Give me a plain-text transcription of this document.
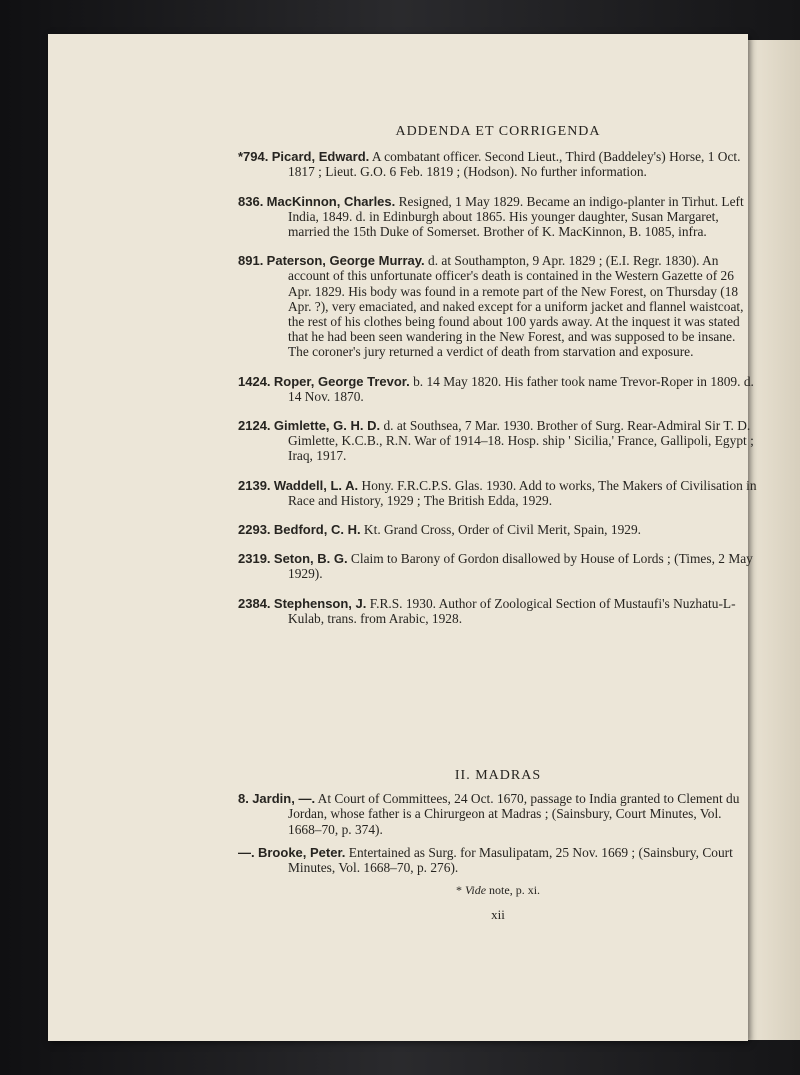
ADDENDA ET CORRIGENDA

*794. Picard, Edward. A combatant officer. Second Lieut., Third (Baddeley's) Horse, 1 Oct. 1817 ; Lieut. G.O. 6 Feb. 1819 ; (Hodson). No further information.

836. MacKinnon, Charles. Resigned, 1 May 1829. Became an indigo-planter in Tirhut. Left India, 1849. d. in Edinburgh about 1865. His younger daughter, Susan Margaret, married the 15th Duke of Somerset. Brother of K. MacKinnon, B. 1085, infra.

891. Paterson, George Murray. d. at Southampton, 9 Apr. 1829 ; (E.I. Regr. 1830). An account of this unfortunate officer's death is contained in the Western Gazette of 26 Apr. 1829. His body was found in a remote part of the New Forest, on Thursday (18 Apr. ?), very emaciated, and naked except for a uniform jacket and flannel waistcoat, the rest of his clothes being found about 100 yards away. At the inquest it was stated that he had been seen wandering in the New Forest, and was supposed to be insane. The coroner's jury returned a verdict of death from starvation and exposure.

1424. Roper, George Trevor. b. 14 May 1820. His father took name Trevor-Roper in 1809. d. 14 Nov. 1870.

2124. Gimlette, G. H. D. d. at Southsea, 7 Mar. 1930. Brother of Surg. Rear-Admiral Sir T. D. Gimlette, K.C.B., R.N. War of 1914–18. Hosp. ship ' Sicilia,' France, Gallipoli, Egypt ; Iraq, 1917.

2139. Waddell, L. A. Hony. F.R.C.P.S. Glas. 1930. Add to works, The Makers of Civilisation in Race and History, 1929 ; The British Edda, 1929.

2293. Bedford, C. H. Kt. Grand Cross, Order of Civil Merit, Spain, 1929.

2319. Seton, B. G. Claim to Barony of Gordon disallowed by House of Lords ; (Times, 2 May 1929).

2384. Stephenson, J. F.R.S. 1930. Author of Zoological Section of Mustaufi's Nuzhatu-L-Kulab, trans. from Arabic, 1928.

II. MADRAS

8. Jardin, —. At Court of Committees, 24 Oct. 1670, passage to India granted to Clement du Jordan, whose father is a Chirurgeon at Madras ; (Sainsbury, Court Minutes, Vol. 1668–70, p. 374).

—. Brooke, Peter. Entertained as Surg. for Masulipatam, 25 Nov. 1669 ; (Sainsbury, Court Minutes, Vol. 1668–70, p. 276).

* Vide note, p. xi.
xii
